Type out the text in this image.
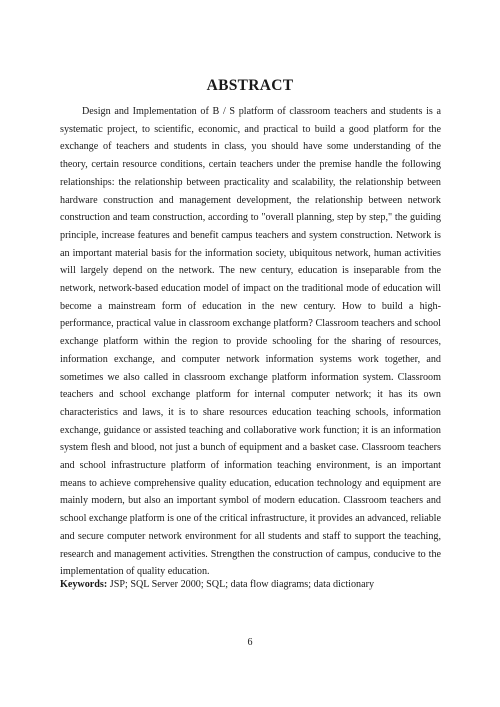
ABSTRACT

Design and Implementation of B / S platform of classroom teachers and students is a systematic project, to scientific, economic, and practical to build a good platform for the exchange of teachers and students in class, you should have some understanding of the theory, certain resource conditions, certain teachers under the premise handle the following relationships: the relationship between practicality and scalability, the relationship between hardware construction and management development, the relationship between network construction and team construction, according to "overall planning, step by step," the guiding principle, increase features and benefit campus teachers and system construction. Network is an important material basis for the information society, ubiquitous network, human activities will largely depend on the network. The new century, education is inseparable from the network, network-based education model of impact on the traditional mode of education will become a mainstream form of education in the new century. How to build a high-performance, practical value in classroom exchange platform? Classroom teachers and school exchange platform within the region to provide schooling for the sharing of resources, information exchange, and computer network information systems work together, and sometimes we also called in classroom exchange platform information system. Classroom teachers and school exchange platform for internal computer network; it has its own characteristics and laws, it is to share resources education teaching schools, information exchange, guidance or assisted teaching and collaborative work function; it is an information system flesh and blood, not just a bunch of equipment and a basket case. Classroom teachers and school infrastructure platform of information teaching environment, is an important means to achieve comprehensive quality education, education technology and equipment are mainly modern, but also an important symbol of modern education. Classroom teachers and school exchange platform is one of the critical infrastructure, it provides an advanced, reliable and secure computer network environment for all students and staff to support the teaching, research and management activities. Strengthen the construction of campus, conducive to the implementation of quality education.

Keywords: JSP; SQL Server 2000; SQL; data flow diagrams; data dictionary

6
